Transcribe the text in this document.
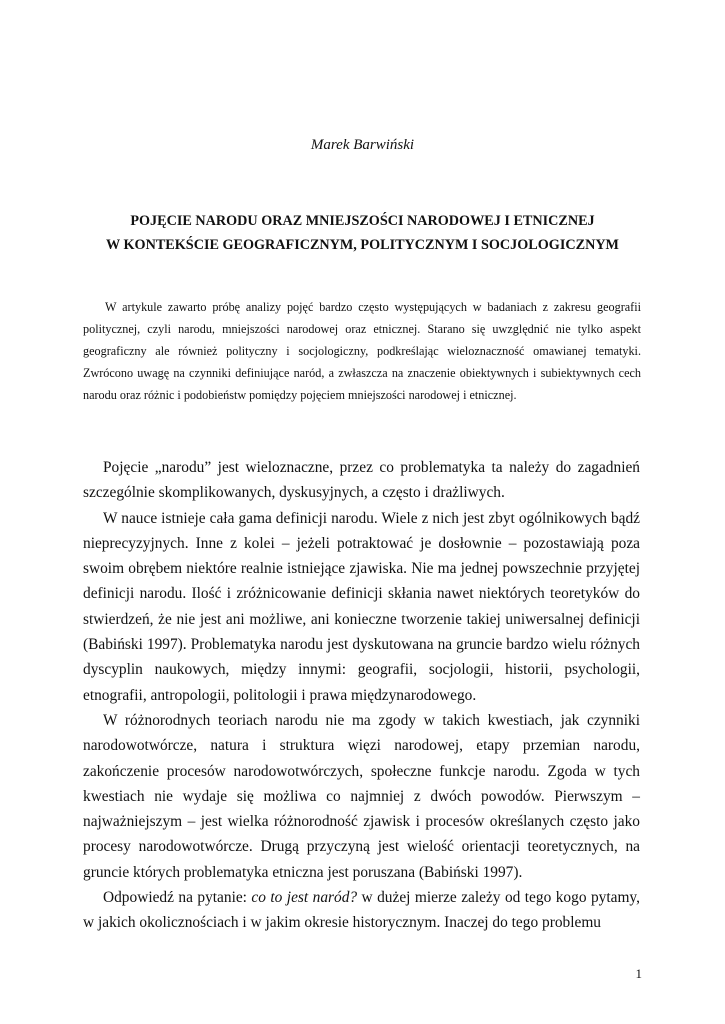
Marek Barwiński
POJĘCIE NARODU ORAZ MNIEJSZOŚCI NARODOWEJ I ETNICZNEJ
W KONTEKŚCIE GEOGRAFICZNYM, POLITYCZNYM I SOCJOLOGICZNYM

W artykule zawarto próbę analizy pojęć bardzo często występujących w badaniach z zakresu geografii politycznej, czyli narodu, mniejszości narodowej oraz etnicznej. Starano się uwzględnić nie tylko aspekt geograficzny ale również polityczny i socjologiczny, podkreślając wieloznaczność omawianej tematyki. Zwrócono uwagę na czynniki definiujące naród, a zwłaszcza na znaczenie obiektywnych i subiektywnych cech narodu oraz różnic i podobieństw pomiędzy pojęciem mniejszości narodowej i etnicznej.

Pojęcie „narodu” jest wieloznaczne, przez co problematyka ta należy do zagadnień szczególnie skomplikowanych, dyskusyjnych, a często i drażliwych.

W nauce istnieje cała gama definicji narodu. Wiele z nich jest zbyt ogólnikowych bądź nieprecyzyjnych. Inne z kolei – jeżeli potraktować je dosłownie – pozostawiają poza swoim obrębem niektóre realnie istniejące zjawiska. Nie ma jednej powszechnie przyjętej definicji narodu. Ilość i zróżnicowanie definicji skłania nawet niektórych teoretyków do stwierdzeń, że nie jest ani możliwe, ani konieczne tworzenie takiej uniwersalnej definicji (Babiński 1997). Problematyka narodu jest dyskutowana na gruncie bardzo wielu różnych dyscyplin naukowych, między innymi: geografii, socjologii, historii, psychologii, etnografii, antropologii, politologii i prawa międzynarodowego.

W różnorodnych teoriach narodu nie ma zgody w takich kwestiach, jak czynniki narodowotwórcze, natura i struktura więzi narodowej, etapy przemian narodu, zakończenie procesów narodowotwórczych, społeczne funkcje narodu. Zgoda w tych kwestiach nie wydaje się możliwa co najmniej z dwóch powodów. Pierwszym – najważniejszym – jest wielka różnorodność zjawisk i procesów określanych często jako procesy narodowotwórcze. Drugą przyczyną jest wielość orientacji teoretycznych, na gruncie których problematyka etniczna jest poruszana (Babiński 1997).

Odpowiedź na pytanie: co to jest naród? w dużej mierze zależy od tego kogo pytamy, w jakich okolicznościach i w jakim okresie historycznym. Inaczej do tego problemu

1
